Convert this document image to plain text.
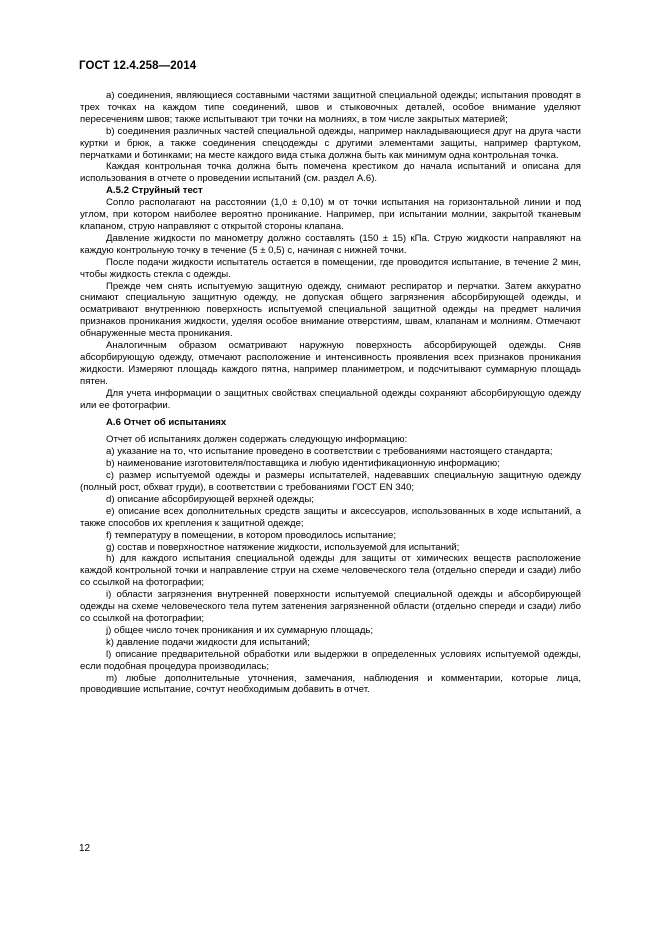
ГОСТ 12.4.258—2014

a) соединения, являющиеся составными частями защитной специальной одежды; испытания проводят в трех точках на каждом типе соединений, швов и стыковочных деталей, особое внимание уделяют пересечениям швов; также испытывают три точки на молниях, в том числе закрытых материей;

b) соединения различных частей специальной одежды, например накладывающиеся друг на друга части куртки и брюк, а также соединения спецодежды с другими элементами защиты, например фартуком, перчатками и ботинками; на месте каждого вида стыка должна быть как минимум одна контрольная точка.

Каждая контрольная точка должна быть помечена крестиком до начала испытаний и описана для использования в отчете о проведении испытаний (см. раздел А.6).

А.5.2 Струйный тест

Сопло располагают на расстоянии (1,0 ± 0,10) м от точки испытания на горизонтальной линии и под углом, при котором наиболее вероятно проникание. Например, при испытании молнии, закрытой тканевым клапаном, струю направляют с открытой стороны клапана.

Давление жидкости по манометру должно составлять (150 ± 15) кПа. Струю жидкости направляют на каждую контрольную точку в течение (5 ± 0,5) с, начиная с нижней точки.

После подачи жидкости испытатель остается в помещении, где проводится испытание, в течение 2 мин, чтобы жидкость стекла с одежды.

Прежде чем снять испытуемую защитную одежду, снимают респиратор и перчатки. Затем аккуратно снимают специальную защитную одежду, не допуская общего загрязнения абсорбирующей одежды, и осматривают внутреннюю поверхность испытуемой специальной защитной одежды на предмет наличия признаков проникания жидкости, уделяя особое внимание отверстиям, швам, клапанам и молниям. Отмечают обнаруженные места проникания.

Аналогичным образом осматривают наружную поверхность абсорбирующей одежды. Сняв абсорбирующую одежду, отмечают расположение и интенсивность проявления всех признаков проникания жидкости. Измеряют площадь каждого пятна, например планиметром, и подсчитывают суммарную площадь пятен.

Для учета информации о защитных свойствах специальной одежды сохраняют абсорбирующую одежду или ее фотографии.

А.6 Отчет об испытаниях

Отчет об испытаниях должен содержать следующую информацию:

a) указание на то, что испытание проведено в соответствии с требованиями настоящего стандарта;

b) наименование изготовителя/поставщика и любую идентификационную информацию;

c) размер испытуемой одежды и размеры испытателей, надевавших специальную защитную одежду (полный рост, обхват груди), в соответствии с требованиями ГОСТ EN 340;

d) описание абсорбирующей верхней одежды;

e) описание всех дополнительных средств защиты и аксессуаров, использованных в ходе испытаний, а также способов их крепления к защитной одежде;

f) температуру в помещении, в котором проводилось испытание;

g) состав и поверхностное натяжение жидкости, используемой для испытаний;

h) для каждого испытания специальной одежды для защиты от химических веществ расположение каждой контрольной точки и направление струи на схеме человеческого тела (отдельно спереди и сзади) либо со ссылкой на фотографии;

i) области загрязнения внутренней поверхности испытуемой специальной одежды и абсорбирующей одежды на схеме человеческого тела путем затенения загрязненной области (отдельно спереди и сзади) либо со ссылкой на фотографии;

j) общее число точек проникания и их суммарную площадь;

k) давление подачи жидкости для испытаний;

l) описание предварительной обработки или выдержки в определенных условиях испытуемой одежды, если подобная процедура производилась;

m) любые дополнительные уточнения, замечания, наблюдения и комментарии, которые лица, проводившие испытание, сочтут необходимым добавить в отчет.

12
